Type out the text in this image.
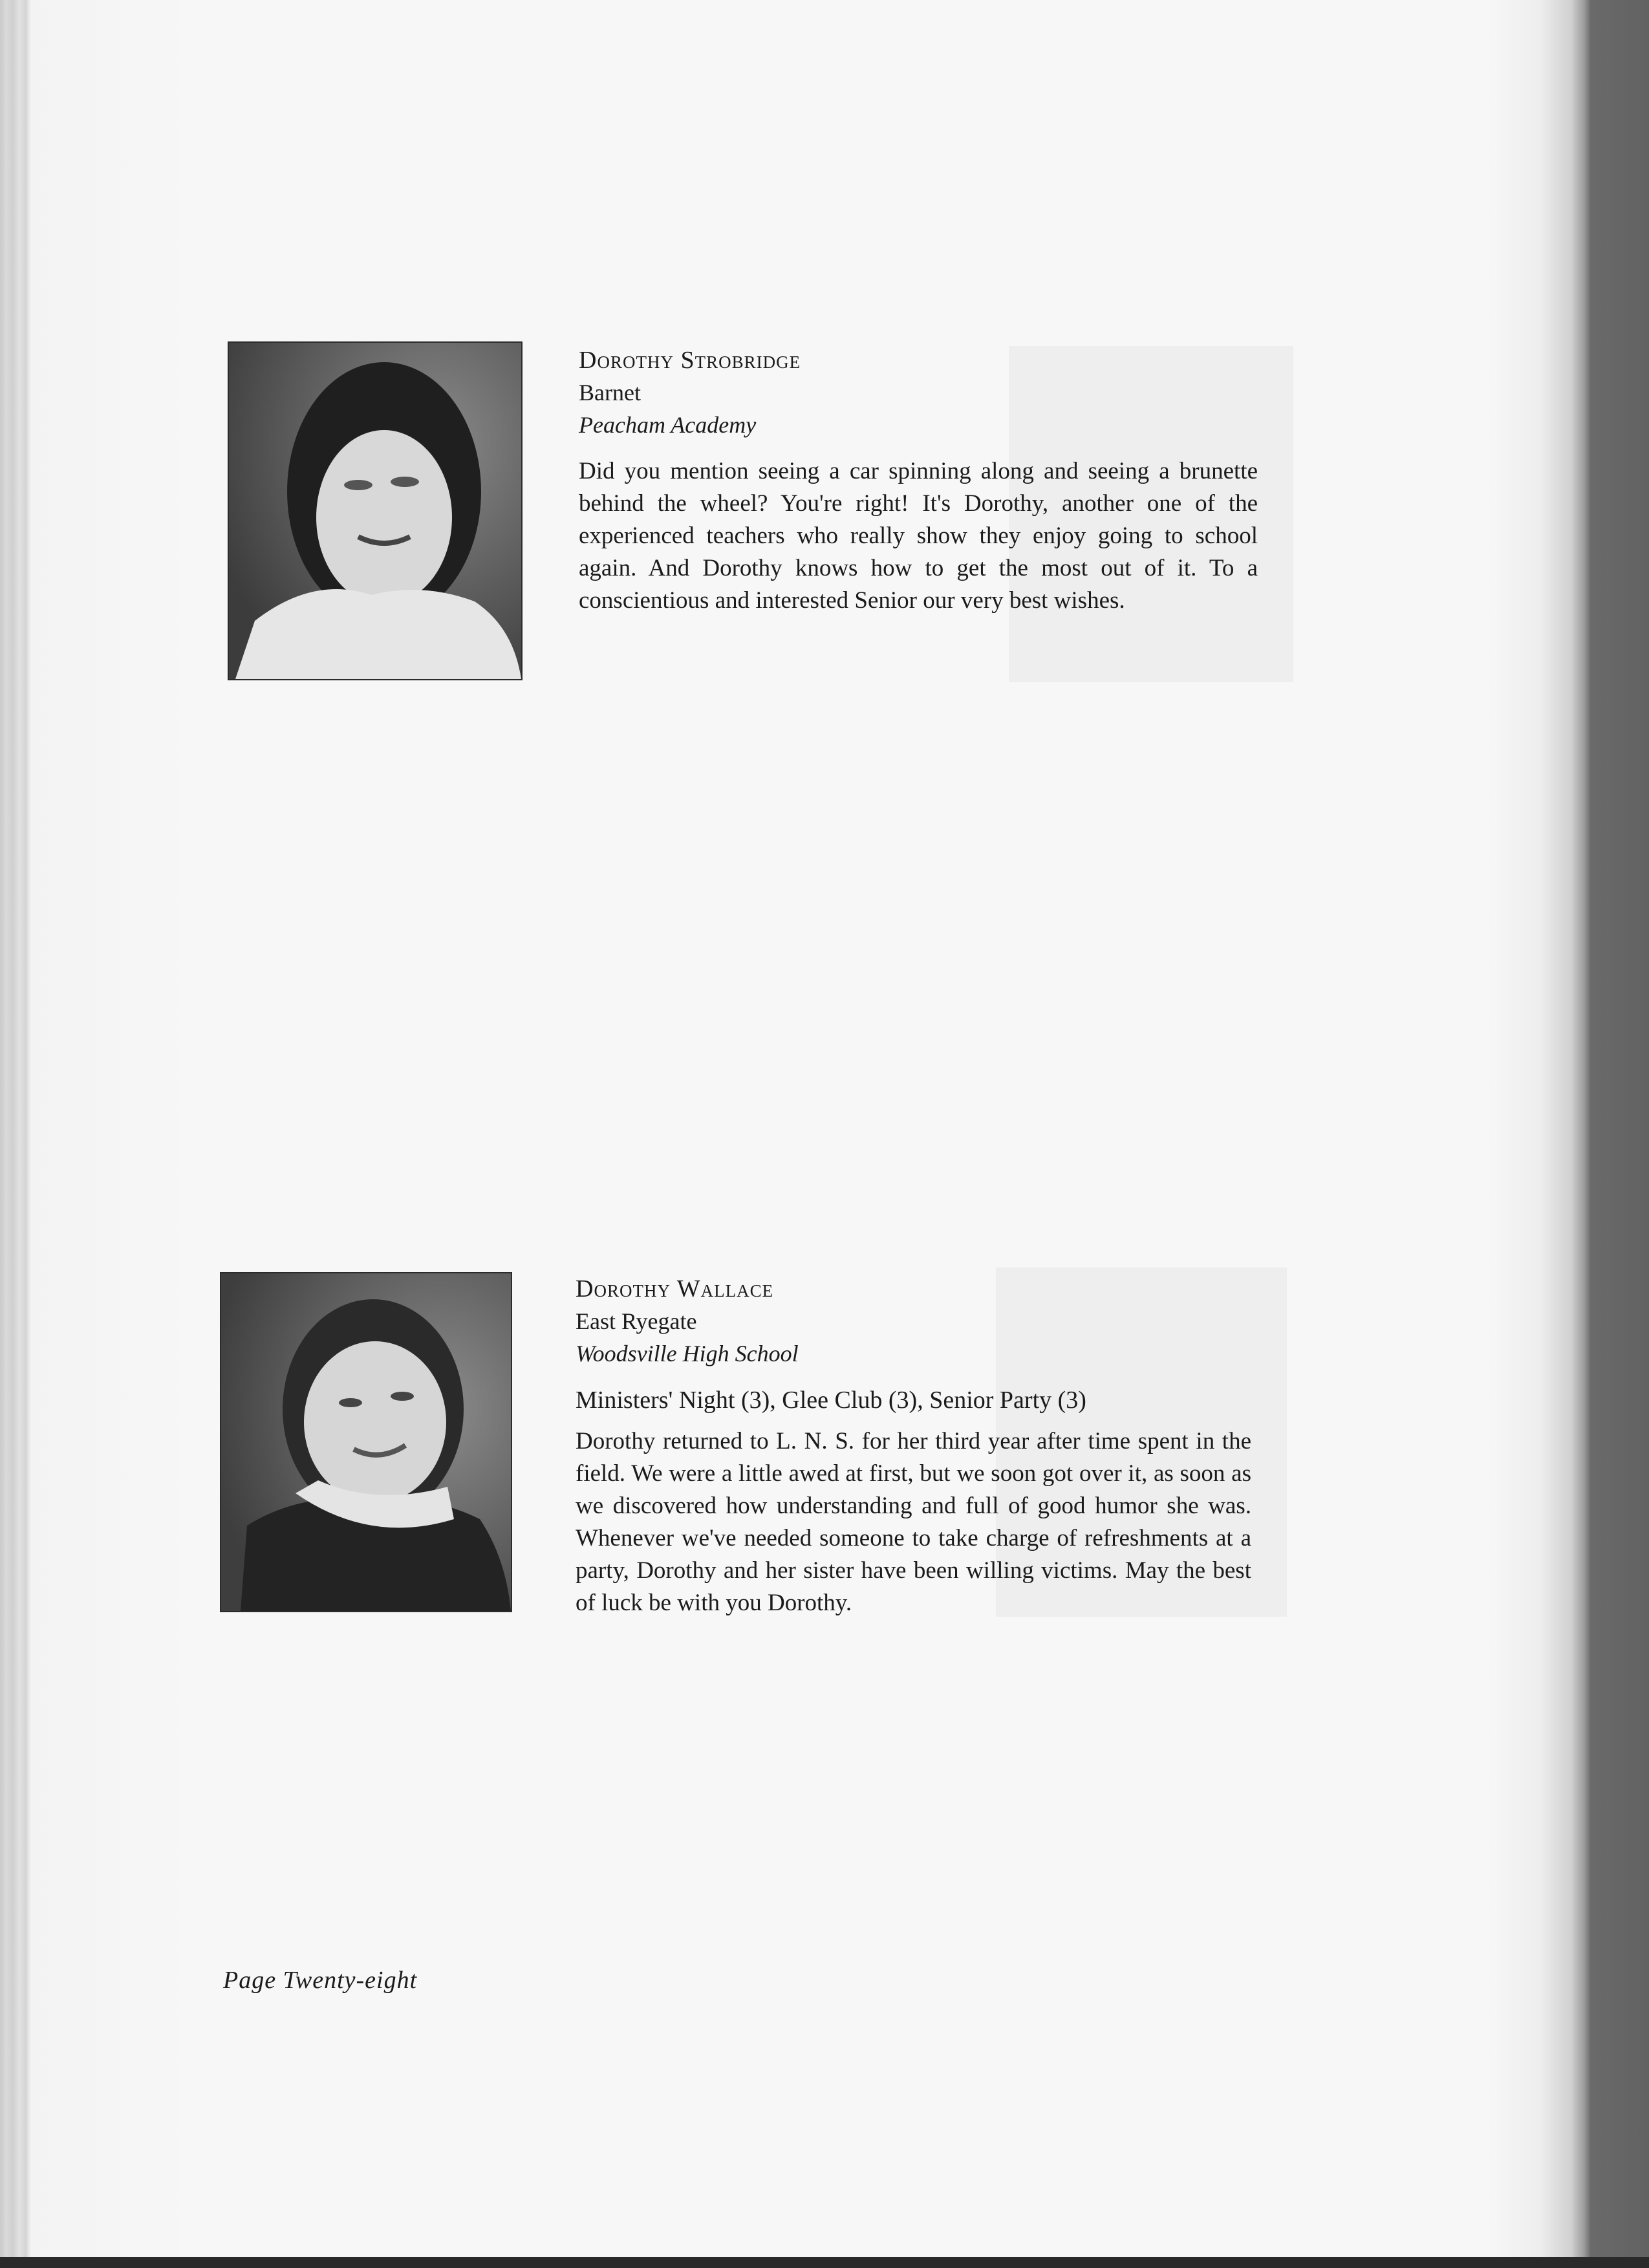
Dorothy Strobridge
Barnet
Peacham Academy
Did you mention seeing a car spinning along and seeing a brunette behind the wheel? You're right! It's Dorothy, another one of the experienced teachers who really show they enjoy going to school again. And Dorothy knows how to get the most out of it. To a conscientious and interested Senior our very best wishes.
Dorothy Wallace
East Ryegate
Woodsville High School
Ministers' Night (3), Glee Club (3), Senior Party (3)
Dorothy returned to L. N. S. for her third year after time spent in the field. We were a little awed at first, but we soon got over it, as soon as we discovered how understanding and full of good humor she was. Whenever we've needed someone to take charge of refreshments at a party, Dorothy and her sister have been willing victims. May the best of luck be with you Dorothy.
Page Twenty-eight
